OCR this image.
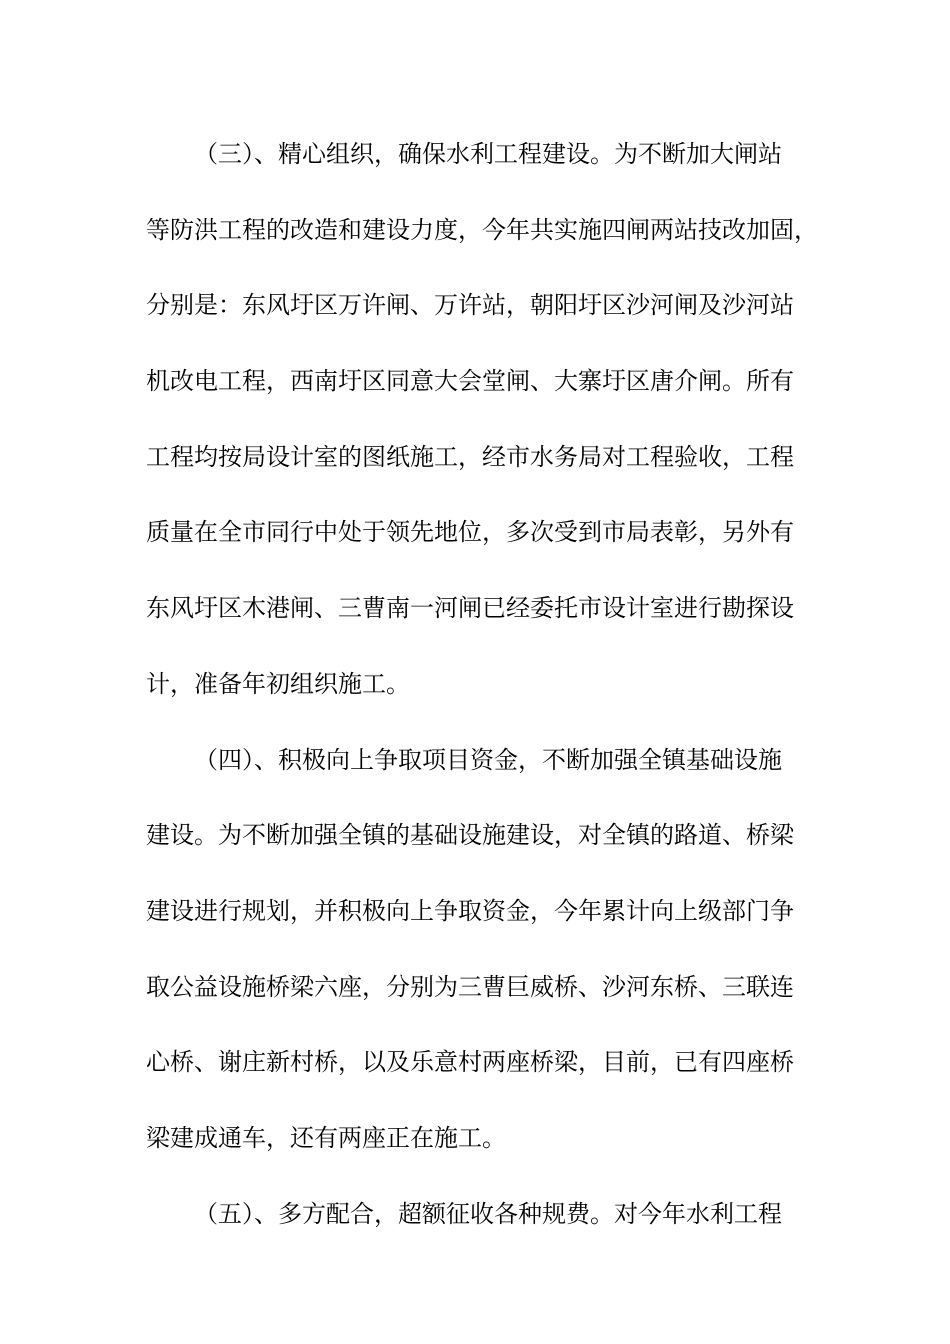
（三）、精心组织，确保水利工程建设。为不断加大闸站
等防洪工程的改造和建设力度，今年共实施四闸两站技改加固，
分别是：东风圩区万许闸、万许站，朝阳圩区沙河闸及沙河站
机改电工程，西南圩区同意大会堂闸、大寨圩区唐介闸。所有
工程均按局设计室的图纸施工，经市水务局对工程验收，工程
质量在全市同行中处于领先地位，多次受到市局表彰，另外有
东风圩区木港闸、三曹南一河闸已经委托市设计室进行勘探设
计，准备年初组织施工。
（四）、积极向上争取项目资金，不断加强全镇基础设施
建设。为不断加强全镇的基础设施建设，对全镇的路道、桥梁
建设进行规划，并积极向上争取资金，今年累计向上级部门争
取公益设施桥梁六座，分别为三曹巨威桥、沙河东桥、三联连
心桥、谢庄新村桥，以及乐意村两座桥梁，目前，已有四座桥
梁建成通车，还有两座正在施工。
（五）、多方配合，超额征收各种规费。对今年水利工程
